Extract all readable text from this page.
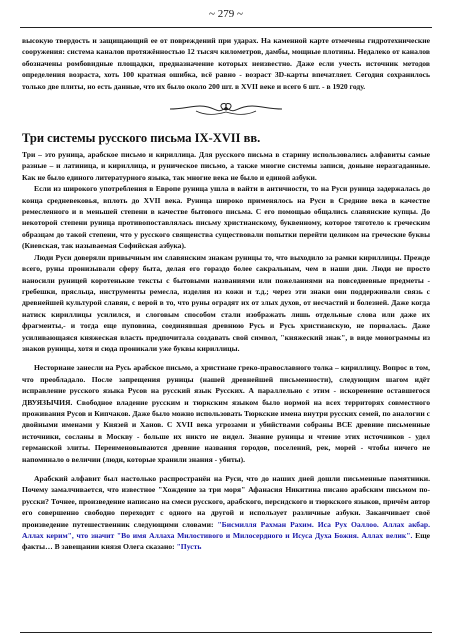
~ 279 ~

высокую твердость и защищающий ее от повреждений при ударах. На каменной карте отмечены гидротехнические сооружения: система каналов протяжённостью 12 тысяч километров, дамбы, мощные плотины. Недалеко от каналов обозначены ромбовидные площадки, предназначение которых неизвестно. Даже если учесть источник методов определения возраста, хоть 100 кратная ошибка, всё равно - возраст 3D-карты впечатляет. Сегодня сохранилось только две плиты, но есть данные, что их было около 200 шт. в XVII веке и всего 6 шт. - в 1920 году.

Три системы русского письма IX-XVII вв.

Три – это руница, арабское письмо и кириллица. Для русского письма в старину использовались алфавиты самые разные – и латиница, и кириллица, и руническое письмо, а также многие системы записи, доныне неразгаданные. Как не было единого литературного языка, так многие века не было и единой азбуки.

Если из широкого употребления в Европе руница ушла в вайти в античности, то на Руси руница задержалась до конца средневековья, вплоть до XVII века. Руница широко применялось на Руси в Средние века в качестве ремесленного и в меньшей степени в качестве бытового письма. С его помощью общались славянские купцы. До некоторой степени руница противопоставлялась письму христианскому, буквенному, которое тяготело к греческим образцам до такой степени, что у русского священства существовали попытки перейти целиком на греческие буквы (Киевская, так называемая Софийская азбука).

Люди Руси доверяли привычным им славянским знакам руницы то, что выходило за рамки кириллицы. Прежде всего, руны пронизывали сферу быта, делая его гораздо более сакральным, чем в наши дни. Люди не просто наносили руницей коротенькие тексты с бытовыми названиями или пожеланиями на повседневные предметы - гребешки, прясльца, инструменты ремесла, изделия из кожи и т.д.; через эти знаки они поддерживали связь с древнейшей культурой славян, с верой в то, что руны оградят их от злых духов, от несчастий и болезней. Даже когда натиск кириллицы усилился, и слоговым способом стали изображать лишь отдельные слова или даже их фрагменты,- и тогда еще пуповина, соединявшая древнюю Русь и Русь христианскую, не порвалась. Даже усиливающаяся княжеская власть предпочитала создавать свой символ, "княжеский знак", в виде монограммы из знаков руницы, хотя и сюда проникали уже буквы кириллицы.

Несторианe занесли на Русь арабское письмо, а христиане греко-православного толка – кириллицу. Вопрос в том, что преобладало. После запрещения руницы (нашей древнейшей письменности), следующим шагом идёт исправление русского языка Русов на русский язык Русских. А параллельно с этим - искоренение оставшегося ДВУЯЗЫЧИЯ. Свободное владение русским и тюркским языком было нормой на всех территорях совместного проживания Русов и Кипчаков. Даже было можно использовать Тюркские имена внутри русских семей, по аналогии с двойными именами у Князей и Ханов. С XVII века угрозами и убийствами собраны ВСЕ древние письменные источники, сосланы в Москву - больше их никто не видел. Знание руницы и чтение этих источников - удел германской элиты. Переименовываются древние названия городов, поселений, рек, морей - чтобы ничего не напоминало о величии (люди, которые хранили знания - убиты).

Арабский алфавит был настолько распространён на Руси, что до наших дней дошли письменные памятники. Почему замалчивается, что известное "Хождение за три моря" Афанасия Никитина писано арабским письмом по-русски? Точнее, произведение написано на смеси русского, арабского, персидского и тюркского языков, причём автор его совершенно свободно переходит с одного на другой и использует различные азбуки. Заканчивает своё произведение путешественник следующими словами: "Бисмилля Рахман Рахим. Иса Рух Оаллоо. Аллах акбар. Аллах керим", что значит "Во имя Аллаха Милостивого и Милосердного и Исуса Духа Божия. Аллах велик". Еще факты… В завещании князя Олега сказано: "Пусть
